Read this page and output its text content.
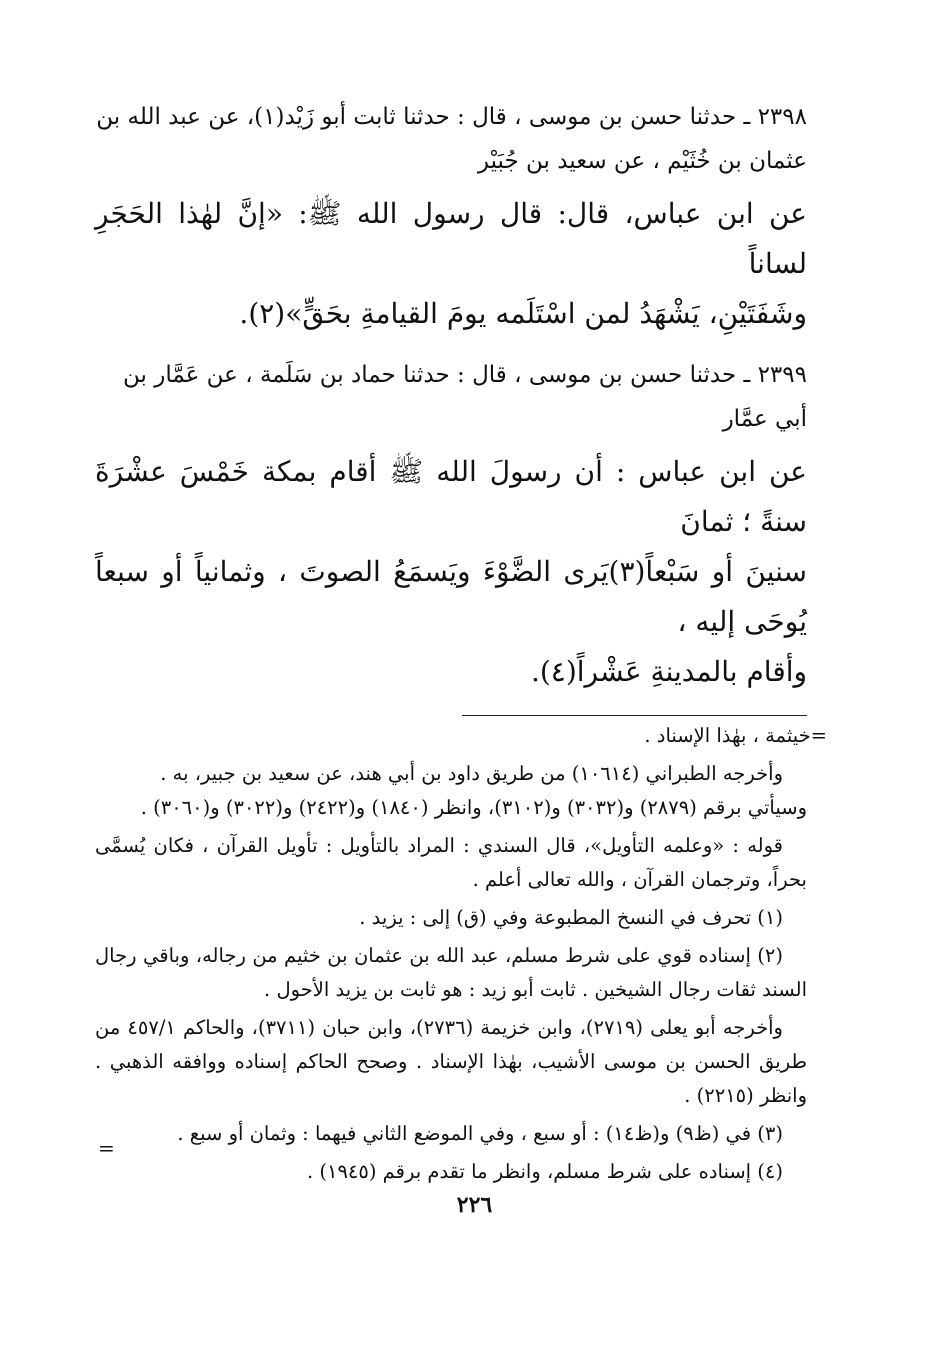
٢٣٩٨ ـ حدثنا حسن بن موسى ، قال : حدثنا ثابت أبو زَيْد(١)، عن عبد الله بن

عثمان بن خُثَيْم ، عن سعيد بن جُبَيْر

عن ابن عباس، قال: قال رسول الله ﷺ: «إنَّ لهٰذا الحَجَرِ لساناً

وشَفَتَيْنِ، يَشْهَدُ لمن اسْتَلَمه يومَ القيامةِ بحَقٍّ»(٢).

٢٣٩٩ ـ حدثنا حسن بن موسى ، قال : حدثنا حماد بن سَلَمة ، عن عَمَّار بن

أبي عمَّار

عن ابن عباس : أن رسولَ الله ﷺ أقام بمكة خَمْسَ عشْرَةَ سنةً ؛ ثمانَ

سنينَ أو سَبْعاً(٣)يَرى الضَّوْءَ ويَسمَعُ الصوتَ ، وثمانياً أو سبعاً يُوحَى إليه ،

وأقام بالمدينةِ عَشْراً(٤).

=خيثمة ، بهٰذا الإسناد .

وأخرجه الطبراني (١٠٦١٤) من طريق داود بن أبي هند، عن سعيد بن جبير، به .

وسيأتي برقم (٢٨٧٩) و(٣٠٣٢) و(٣١٠٢)، وانظر (١٨٤٠) و(٢٤٢٢) و(٣٠٢٢) و(٣٠٦٠) .

قوله : «وعلمه التأويل»، قال السندي : المراد بالتأويل : تأويل القرآن ، فكان يُسمَّى بحراً، وترجمان القرآن ، والله تعالى أعلم .

(١) تحرف في النسخ المطبوعة وفي (ق) إلى : يزيد .

(٢) إسناده قوي على شرط مسلم، عبد الله بن عثمان بن خثيم من رجاله، وباقي رجال السند ثقات رجال الشيخين . ثابت أبو زيد : هو ثابت بن يزيد الأحول .

وأخرجه أبو يعلى (٢٧١٩)، وابن خزيمة (٢٧٣٦)، وابن حبان (٣٧١١)، والحاكم ٤٥٧/١ من طريق الحسن بن موسى الأشيب، بهٰذا الإسناد . وصحح الحاكم إسناده ووافقه الذهبي . وانظر (٢٢١٥) .

(٣) في (ظ٩) و(ظ١٤) : أو سبع ، وفي الموضع الثاني فيهما : وثمان أو سبع .

(٤) إسناده على شرط مسلم، وانظر ما تقدم برقم (١٩٤٥) .

=
٢٢٦
